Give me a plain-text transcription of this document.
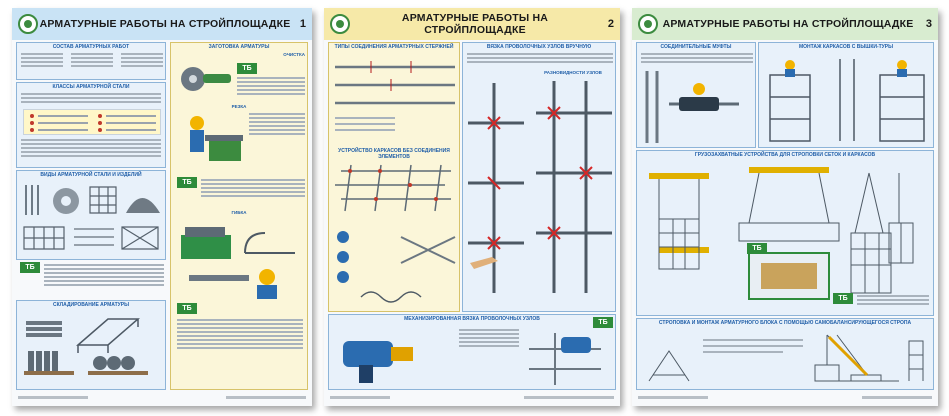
АРМАТУРНЫЕ РАБОТЫ НА СТРОЙПЛОЩАДКЕ 1
СОСТАВ АРМАТУРНЫХ РАБОТ
КЛАССЫ АРМАТУРНОЙ СТАЛИ
ВИДЫ АРМАТУРНОЙ СТАЛИ И ИЗДЕЛИЙ
ТБ
СКЛАДИРОВАНИЕ АРМАТУРЫ
ЗАГОТОВКА АРМАТУРЫ
ОЧИСТКА
ТБ
РЕЗКА
ТБ
ГИБКА
ТБ
АРМАТУРНЫЕ РАБОТЫ НА СТРОЙПЛОЩАДКЕ	2
ТИПЫ СОЕДИНЕНИЯ АРМАТУРНЫХ СТЕРЖНЕЙ
УСТРОЙСТВО КАРКАСОВ БЕЗ СОЕДИНЕНИЯ ЭЛЕМЕНТОВ
ВЯЗКА ПРОВОЛОЧНЫХ УЗЛОВ ВРУЧНУЮ
РАЗНОВИДНОСТИ УЗЛОВ
МЕХАНИЗИРОВАННАЯ ВЯЗКА ПРОВОЛОЧНЫХ УЗЛОВ	ТБ
АРМАТУРНЫЕ РАБОТЫ НА СТРОЙПЛОЩАДКЕ	3
СОЕДИНИТЕЛЬНЫЕ МУФТЫ	МОНТАЖ КАРКАСОВ С ВЫШКИ-ТУРЫ
ГРУЗОЗАХВАТНЫЕ УСТРОЙСТВА ДЛЯ СТРОПОВКИ СЕТОК И КАРКАСОВ
ТБ
ТБ
СТРОПОВКА И МОНТАЖ АРМАТУРНОГО БЛОКА С ПОМОЩЬЮ САМОБАЛАНСИРУЮЩЕГОСЯ СТРОПА
